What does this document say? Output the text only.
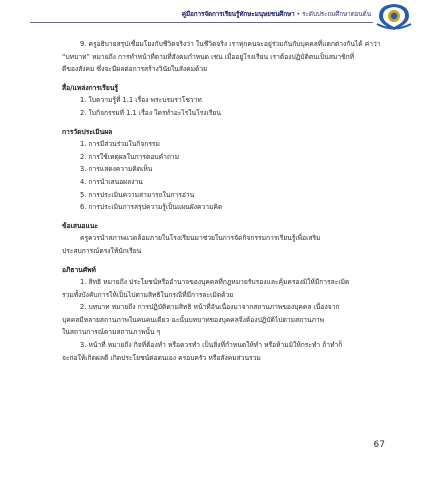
คู่มือการจัดการเรียนรู้ทักษะมนุษยชนศึกษา • ระดับประถมศึกษาตอนต้น

9. ครูอธิบายสรุปเชื่อมโยงกับชีวิตจริงว่า ในชีวิตจริง เราทุกคนจะอยู่ร่วมกันกับบุคคลที่แตกต่างกันได้ ค่าว่า
“บทบาท” หมายถึง การทำหน้าที่ตามที่สังคมกำหนด เช่น เมื่ออยู่โรงเรียน เราต้องปฏิบัติตนเป็นสมาชิกที่
ดีของสังคม ซึ่งจะมีผลต่อการสร้างวินัยในสังคมด้วย

สื่อ/แหล่งการเรียนรู้
1. ใบความรู้ที่ 1.1 เรื่อง พระบรมราโชวาท
2. ใบกิจกรรมที่ 1.1 เรื่อง ใครทำอะไรในโรงเรียน
การวัดประเมินผล
1. การมีส่วนร่วมในกิจกรรม
2. การใช้เหตุผลในการตอบคำถาม
3. การแสดงความคิดเห็น
4. การนำเสนอผลงาน
5. การประเมินความสามารถในการอ่าน
6. การประเมินการสรุปความรู้เป็นแผนผังความคิด
ข้อเสนอแนะ

ครูควรนำสภาพแวดล้อมภายในโรงเรียนมาช่วยในการจัดกิจกรรมการเรียนรู้เพื่อเสริม
ประสบการณ์ตรงให้นักเรียน

อภิธานศัพท์

1. สิทธิ หมายถึง ประโยชน์หรืออำนาจของบุคคลที่กฎหมายรับรองและคุ้มครองมิให้มีการละเมิด
รวมทั้งบังคับการให้เป็นไปตามสิทธิในกรณีที่มีการละเมิดด้วย

2. บทบาท หมายถึง การปฏิบัติตามสิทธิ หน้าที่อันเนื่องมาจากสถานภาพของบุคคล เนื่องจาก
บุคคลมีหลายสถานภาพในคนคนเดียว ฉะนั้นบทบาทของบุคคลจึงต้องปฏิบัติไปตามสถานภาพ
ในสถานการณ์ตามสถานภาพนั้น ๆ

3. หน้าที่ หมายถึง กิจที่ต้องทำ หรือควรทำ เป็นสิ่งที่กำหนดให้ทำ หรือห้ามมิให้กระทำ ถ้าทำก็
จะก่อให้เกิดผลดี เกิดประโยชน์ต่อตนเอง ครอบครัว หรือสังคมส่วนรวม

67
